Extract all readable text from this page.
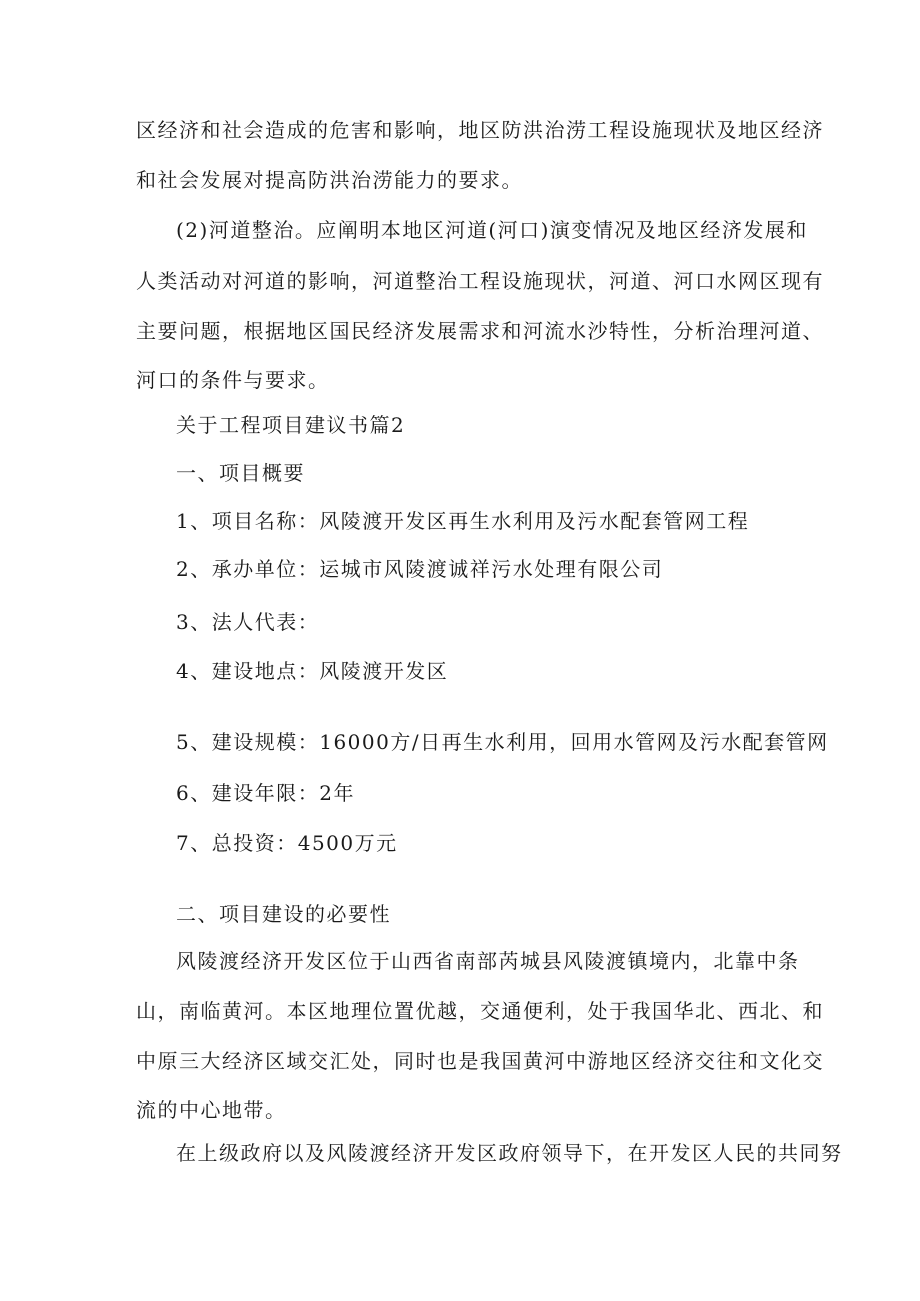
区经济和社会造成的危害和影响，地区防洪治涝工程设施现状及地区经济
和社会发展对提高防洪治涝能力的要求。
(2)河道整治。应阐明本地区河道(河口)演变情况及地区经济发展和
人类活动对河道的影响，河道整治工程设施现状，河道、河口水网区现有
主要问题，根据地区国民经济发展需求和河流水沙特性，分析治理河道、
河口的条件与要求。
关于工程项目建议书篇2
一、项目概要
1、项目名称：风陵渡开发区再生水利用及污水配套管网工程
2、承办单位：运城市风陵渡诚祥污水处理有限公司
3、法人代表：
4、建设地点：风陵渡开发区
5、建设规模：16000方/日再生水利用，回用水管网及污水配套管网
6、建设年限：2年
7、总投资：4500万元
二、项目建设的必要性
风陵渡经济开发区位于山西省南部芮城县风陵渡镇境内，北靠中条
山，南临黄河。本区地理位置优越，交通便利，处于我国华北、西北、和
中原三大经济区域交汇处，同时也是我国黄河中游地区经济交往和文化交
流的中心地带。
在上级政府以及风陵渡经济开发区政府领导下，在开发区人民的共同努
